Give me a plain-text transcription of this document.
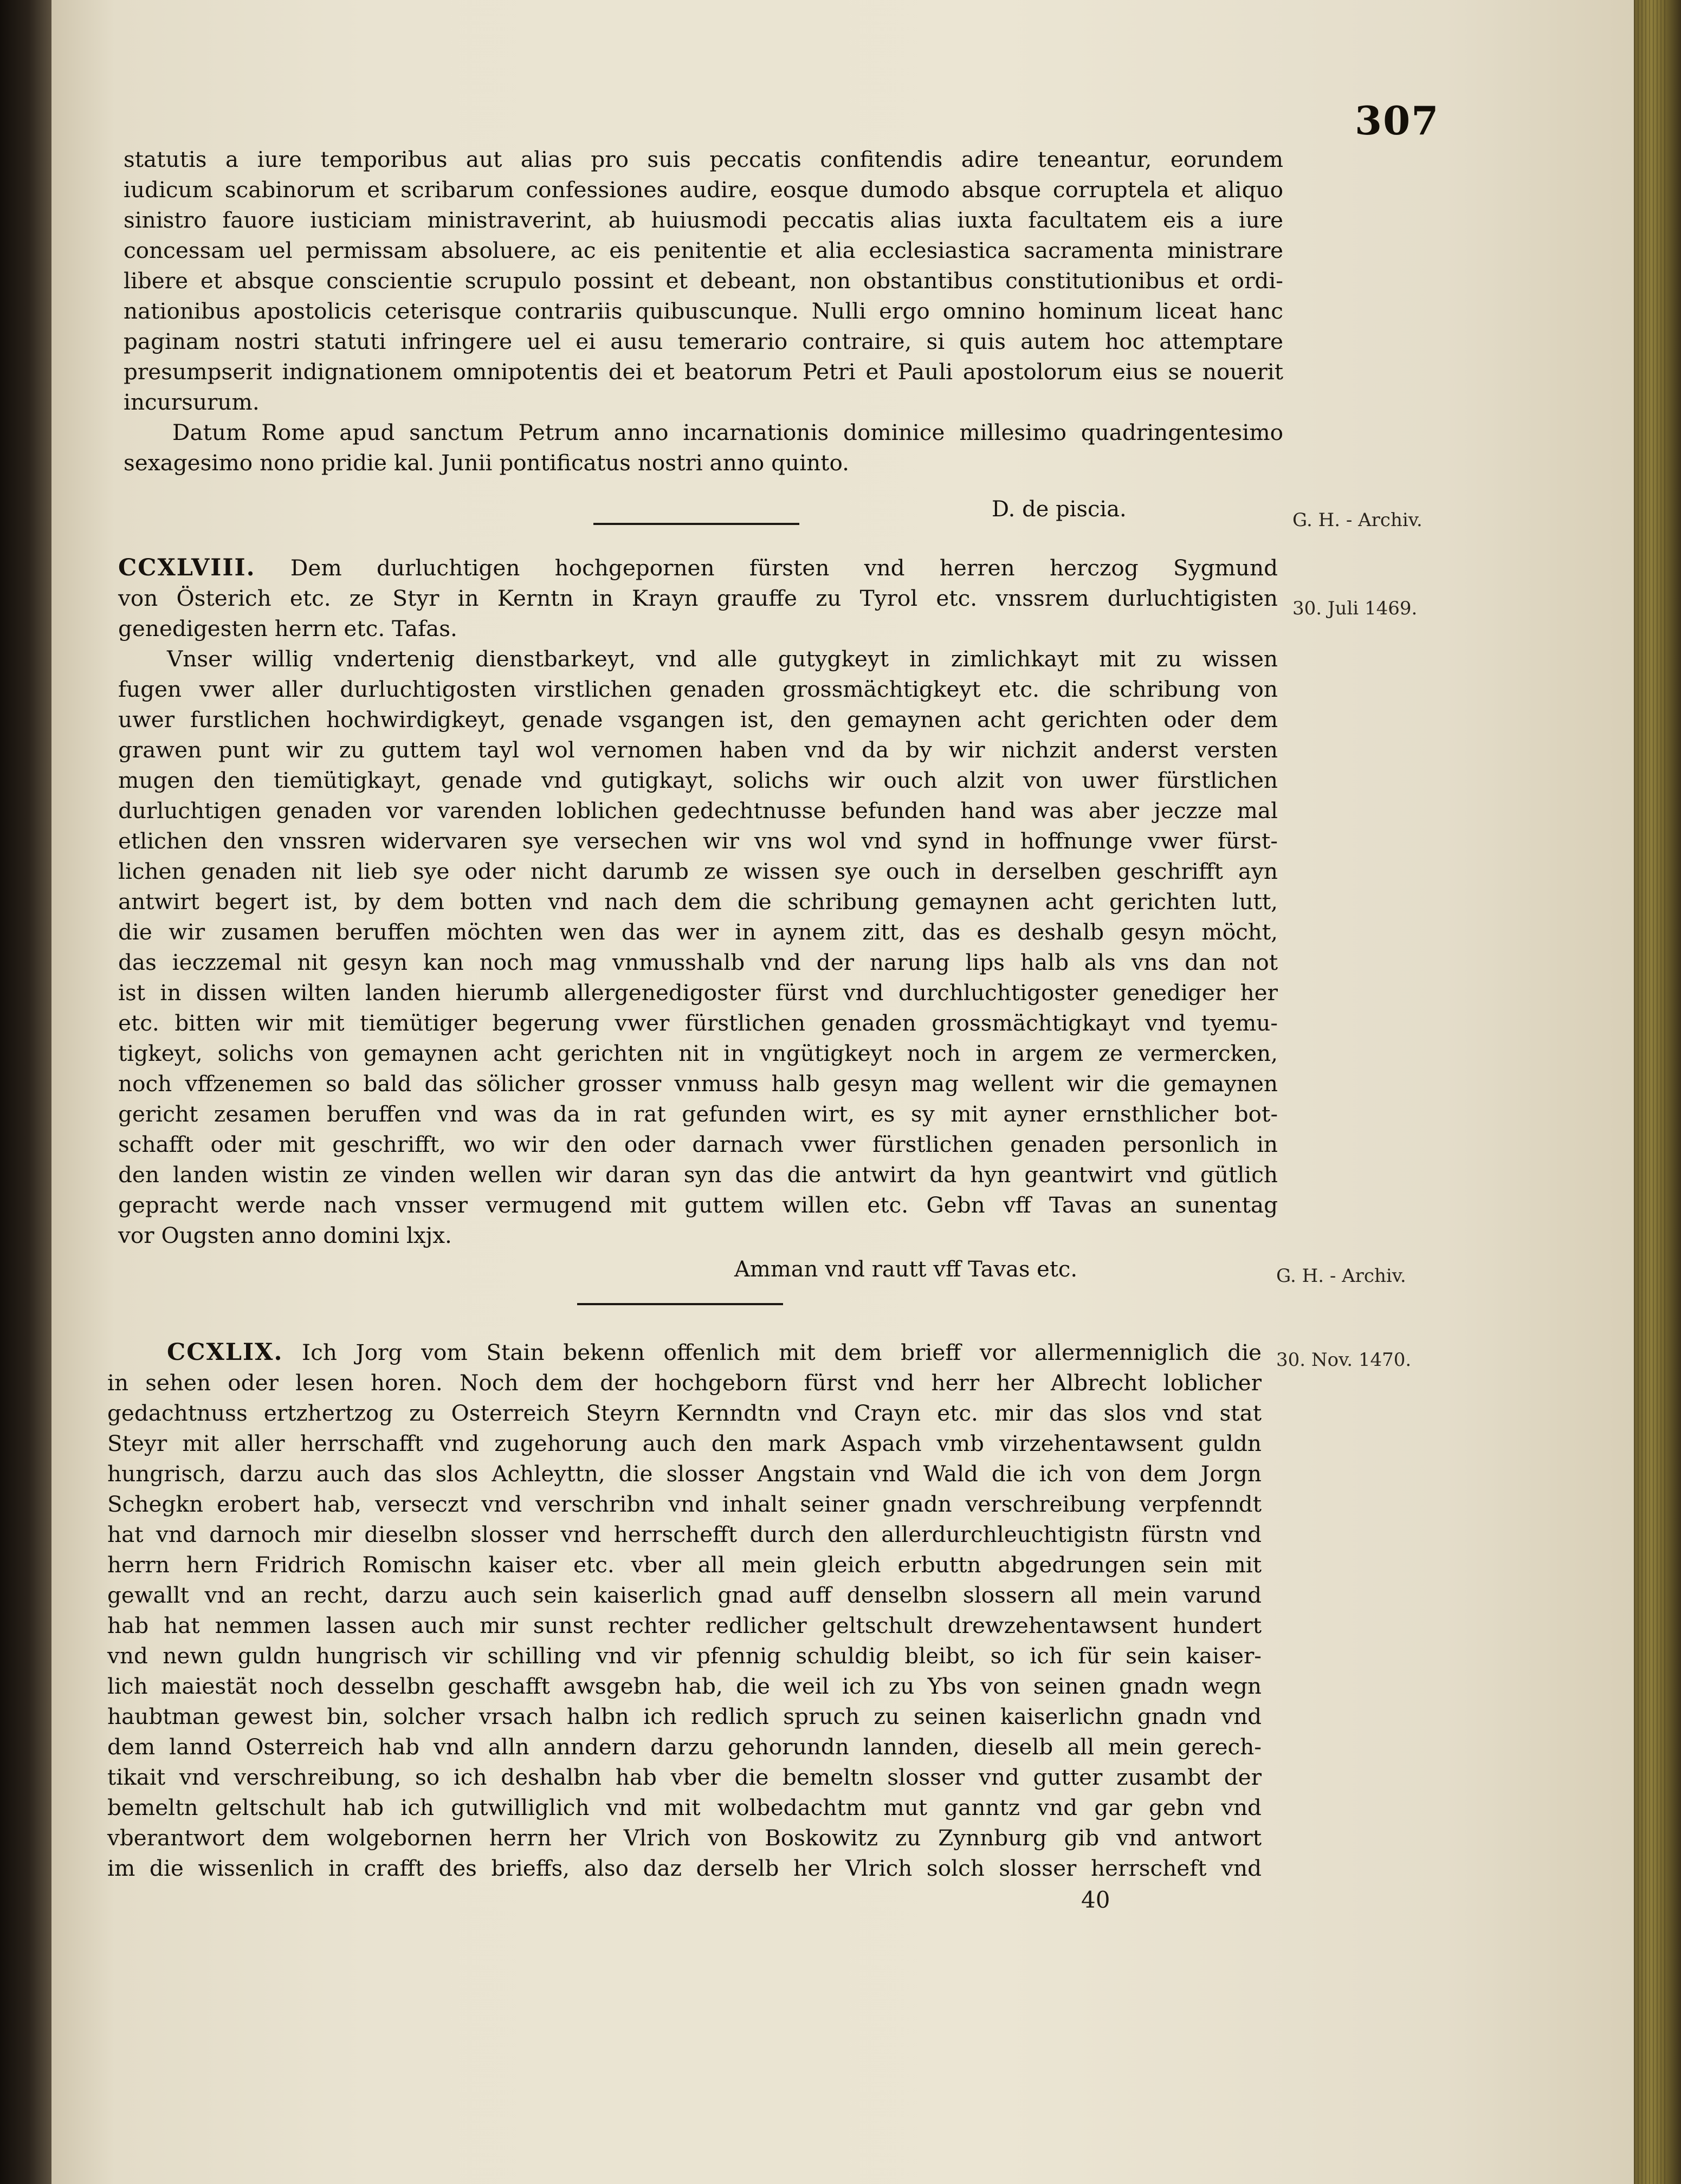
307
statutis a iure temporibus aut alias pro suis peccatis confitendis adire teneantur, eorundem
iudicum scabinorum et scribarum confessiones audire, eosque dumodo absque corruptela et aliquo
sinistro fauore iusticiam ministraverint, ab huiusmodi peccatis alias iuxta facultatem eis a iure
concessam uel permissam absoluere, ac eis penitentie et alia ecclesiastica sacramenta ministrare
libere et absque conscientie scrupulo possint et debeant, non obstantibus constitutionibus et ordi-
nationibus apostolicis ceterisque contrariis quibuscunque. Nulli ergo omnino hominum liceat hanc
paginam nostri statuti infringere uel ei ausu temerario contraire, si quis autem hoc attemptare
presumpserit indignationem omnipotentis dei et beatorum Petri et Pauli apostolorum eius se nouerit
incursurum.
Datum Rome apud sanctum Petrum anno incarnationis dominice millesimo quadringentesimo
sexagesimo nono pridie kal. Junii pontificatus nostri anno quinto.
D. de piscia.	G. H. - Archiv.
CCXLVIII. Dem durluchtigen hochgepornen fürsten vnd herren herczog Sygmund
von Österich etc. ze Styr in Kerntn in Krayn grauffe zu Tyrol etc. vnssrem durluchtigisten
genedigesten herrn etc. Tafas.
Vnser willig vndertenig dienstbarkeyt, vnd alle gutygkeyt in zimlichkayt mit zu wissen
fugen vwer aller durluchtigosten virstlichen genaden grossmächtigkeyt etc. die schribung von
uwer furstlichen hochwirdigkeyt, genade vsgangen ist, den gemaynen acht gerichten oder dem
grawen punt wir zu guttem tayl wol vernomen haben vnd da by wir nichzit anderst versten
mugen den tiemütigkayt, genade vnd gutigkayt, solichs wir ouch alzit von uwer fürstlichen
durluchtigen genaden vor varenden loblichen gedechtnusse befunden hand was aber jeczze mal
etlichen den vnssren widervaren sye versechen wir vns wol vnd synd in hoffnunge vwer fürst-
lichen genaden nit lieb sye oder nicht darumb ze wissen sye ouch in derselben geschrifft ayn
antwirt begert ist, by dem botten vnd nach dem die schribung gemaynen acht gerichten lutt,
die wir zusamen beruffen möchten wen das wer in aynem zitt, das es deshalb gesyn möcht,
das ieczzemal nit gesyn kan noch mag vnmusshalb vnd der narung lips halb als vns dan not
ist in dissen wilten landen hierumb allergenedigoster fürst vnd durchluchtigoster genediger her
etc. bitten wir mit tiemütiger begerung vwer fürstlichen genaden grossmächtigkayt vnd tyemu-
tigkeyt, solichs von gemaynen acht gerichten nit in vngütigkeyt noch in argem ze vermercken,
noch vffzenemen so bald das sölicher grosser vnmuss halb gesyn mag wellent wir die gemaynen
gericht zesamen beruffen vnd was da in rat gefunden wirt, es sy mit ayner ernsthlicher bot-
schafft oder mit geschrifft, wo wir den oder darnach vwer fürstlichen genaden personlich in
den landen wistin ze vinden wellen wir daran syn das die antwirt da hyn geantwirt vnd gütlich
gepracht werde nach vnsser vermugend mit guttem willen etc. Gebn vff Tavas an sunentag
vor Ougsten anno domini lxjx.
30. Juli 1469.
Amman vnd rautt vff Tavas etc.	G. H. - Archiv.
CCXLIX. Ich Jorg vom Stain bekenn offenlich mit dem brieff vor allermenniglich die
in sehen oder lesen horen. Noch dem der hochgeborn fürst vnd herr her Albrecht loblicher
gedachtnuss ertzhertzog zu Osterreich Steyrn Kernndtn vnd Crayn etc. mir das slos vnd stat
Steyr mit aller herrschafft vnd zugehorung auch den mark Aspach vmb virzehentawsent guldn
hungrisch, darzu auch das slos Achleyttn, die slosser Angstain vnd Wald die ich von dem Jorgn
Schegkn erobert hab, verseczt vnd verschribn vnd inhalt seiner gnadn verschreibung verpfenndt
hat vnd darnoch mir dieselbn slosser vnd herrschefft durch den allerdurchleuchtigistn fürstn vnd
herrn hern Fridrich Romischn kaiser etc. vber all mein gleich erbuttn abgedrungen sein mit
gewallt vnd an recht, darzu auch sein kaiserlich gnad auff denselbn slossern all mein varund
hab hat nemmen lassen auch mir sunst rechter redlicher geltschult drewzehentawsent hundert
vnd newn guldn hungrisch vir schilling vnd vir pfennig schuldig bleibt, so ich für sein kaiser-
lich maiestät noch desselbn geschafft awsgebn hab, die weil ich zu Ybs von seinen gnadn wegn
haubtman gewest bin, solcher vrsach halbn ich redlich spruch zu seinen kaiserlichn gnadn vnd
dem lannd Osterreich hab vnd alln anndern darzu gehorundn lannden, dieselb all mein gerech-
tikait vnd verschreibung, so ich deshalbn hab vber die bemeltn slosser vnd gutter zusambt der
bemeltn geltschult hab ich gutwilliglich vnd mit wolbedachtm mut ganntz vnd gar gebn vnd
vberantwort dem wolgebornen herrn her Vlrich von Boskowitz zu Zynnburg gib vnd antwort
im die wissenlich in crafft des brieffs, also daz derselb her Vlrich solch slosser herrscheft vnd
30. Nov. 1470.
40
